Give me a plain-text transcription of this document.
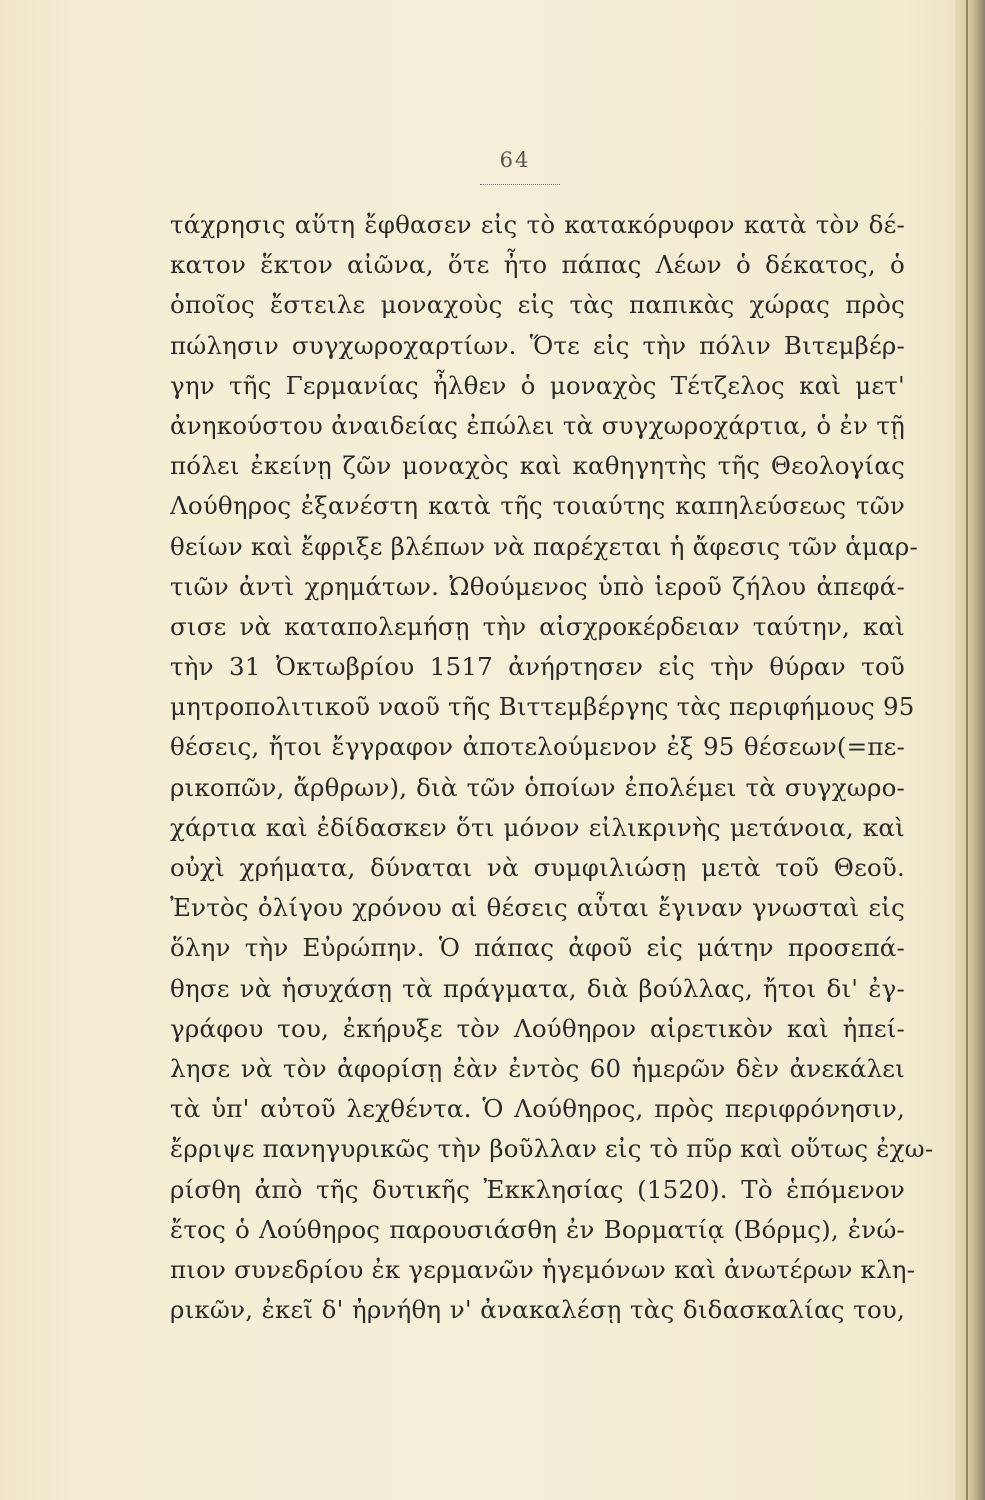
64
τάχρησις αὕτη ἔφθασεν εἰς τὸ κατακόρυφον κατὰ τὸν δέ-
κατον ἕκτον αἰῶνα, ὅτε ἦτο πάπας Λέων ὁ δέκατος, ὁ
ὁποῖος ἔστειλε μοναχοὺς εἰς τὰς παπικὰς χώρας πρὸς
πώλησιν συγχωροχαρτίων. Ὅτε εἰς τὴν πόλιν Βιτεμβέρ-
γην τῆς Γερμανίας ἦλθεν ὁ μοναχὸς Τέτζελος καὶ μετ'
ἀνηκούστου ἀναιδείας ἐπώλει τὰ συγχωροχάρτια, ὁ ἐν τῇ
πόλει ἐκείνῃ ζῶν μοναχὸς καὶ καθηγητὴς τῆς Θεολογίας
Λούθηρος ἐξανέστη κατὰ τῆς τοιαύτης καπηλεύσεως τῶν
θείων καὶ ἔφριξε βλέπων νὰ παρέχεται ἡ ἄφεσις τῶν ἁμαρ-
τιῶν ἀντὶ χρημάτων. Ὠθούμενος ὑπὸ ἱεροῦ ζήλου ἀπεφά-
σισε νὰ καταπολεμήσῃ τὴν αἰσχροκέρδειαν ταύτην, καὶ
τὴν 31 Ὀκτωβρίου 1517 ἀνήρτησεν εἰς τὴν θύραν τοῦ
μητροπολιτικοῦ ναοῦ τῆς Βιττεμβέργης τὰς περιφήμους 95
θέσεις, ἤτοι ἔγγραφον ἀποτελούμενον ἐξ 95 θέσεων(=πε-
ρικοπῶν, ἄρθρων), διὰ τῶν ὁποίων ἐπολέμει τὰ συγχωρο-
χάρτια καὶ ἐδίδασκεν ὅτι μόνον εἰλικρινὴς μετάνοια, καὶ
οὐχὶ χρήματα, δύναται νὰ συμφιλιώσῃ μετὰ τοῦ Θεοῦ.
Ἐντὸς ὀλίγου χρόνου αἱ θέσεις αὗται ἔγιναν γνωσταὶ εἰς
ὅλην τὴν Εὐρώπην. Ὁ πάπας ἀφοῦ εἰς μάτην προσεπά-
θησε νὰ ἡσυχάσῃ τὰ πράγματα, διὰ βούλλας, ἤτοι δι' ἐγ-
γράφου του, ἐκήρυξε τὸν Λούθηρον αἱρετικὸν καὶ ἠπεί-
λησε νὰ τὸν ἀφορίσῃ ἐὰν ἐντὸς 60 ἡμερῶν δὲν ἀνεκάλει
τὰ ὑπ' αὐτοῦ λεχθέντα. Ὁ Λούθηρος, πρὸς περιφρόνησιν,
ἔρριψε πανηγυρικῶς τὴν βοῦλλαν εἰς τὸ πῦρ καὶ οὕτως ἐχω-
ρίσθη ἀπὸ τῆς δυτικῆς Ἐκκλησίας (1520). Τὸ ἑπόμενον
ἔτος ὁ Λούθηρος παρουσιάσθη ἐν Βορματίᾳ (Βόρμς), ἐνώ-
πιον συνεδρίου ἐκ γερμανῶν ἡγεμόνων καὶ ἀνωτέρων κλη-
ρικῶν, ἐκεῖ δ' ἠρνήθη ν' ἀνακαλέσῃ τὰς διδασκαλίας του,
